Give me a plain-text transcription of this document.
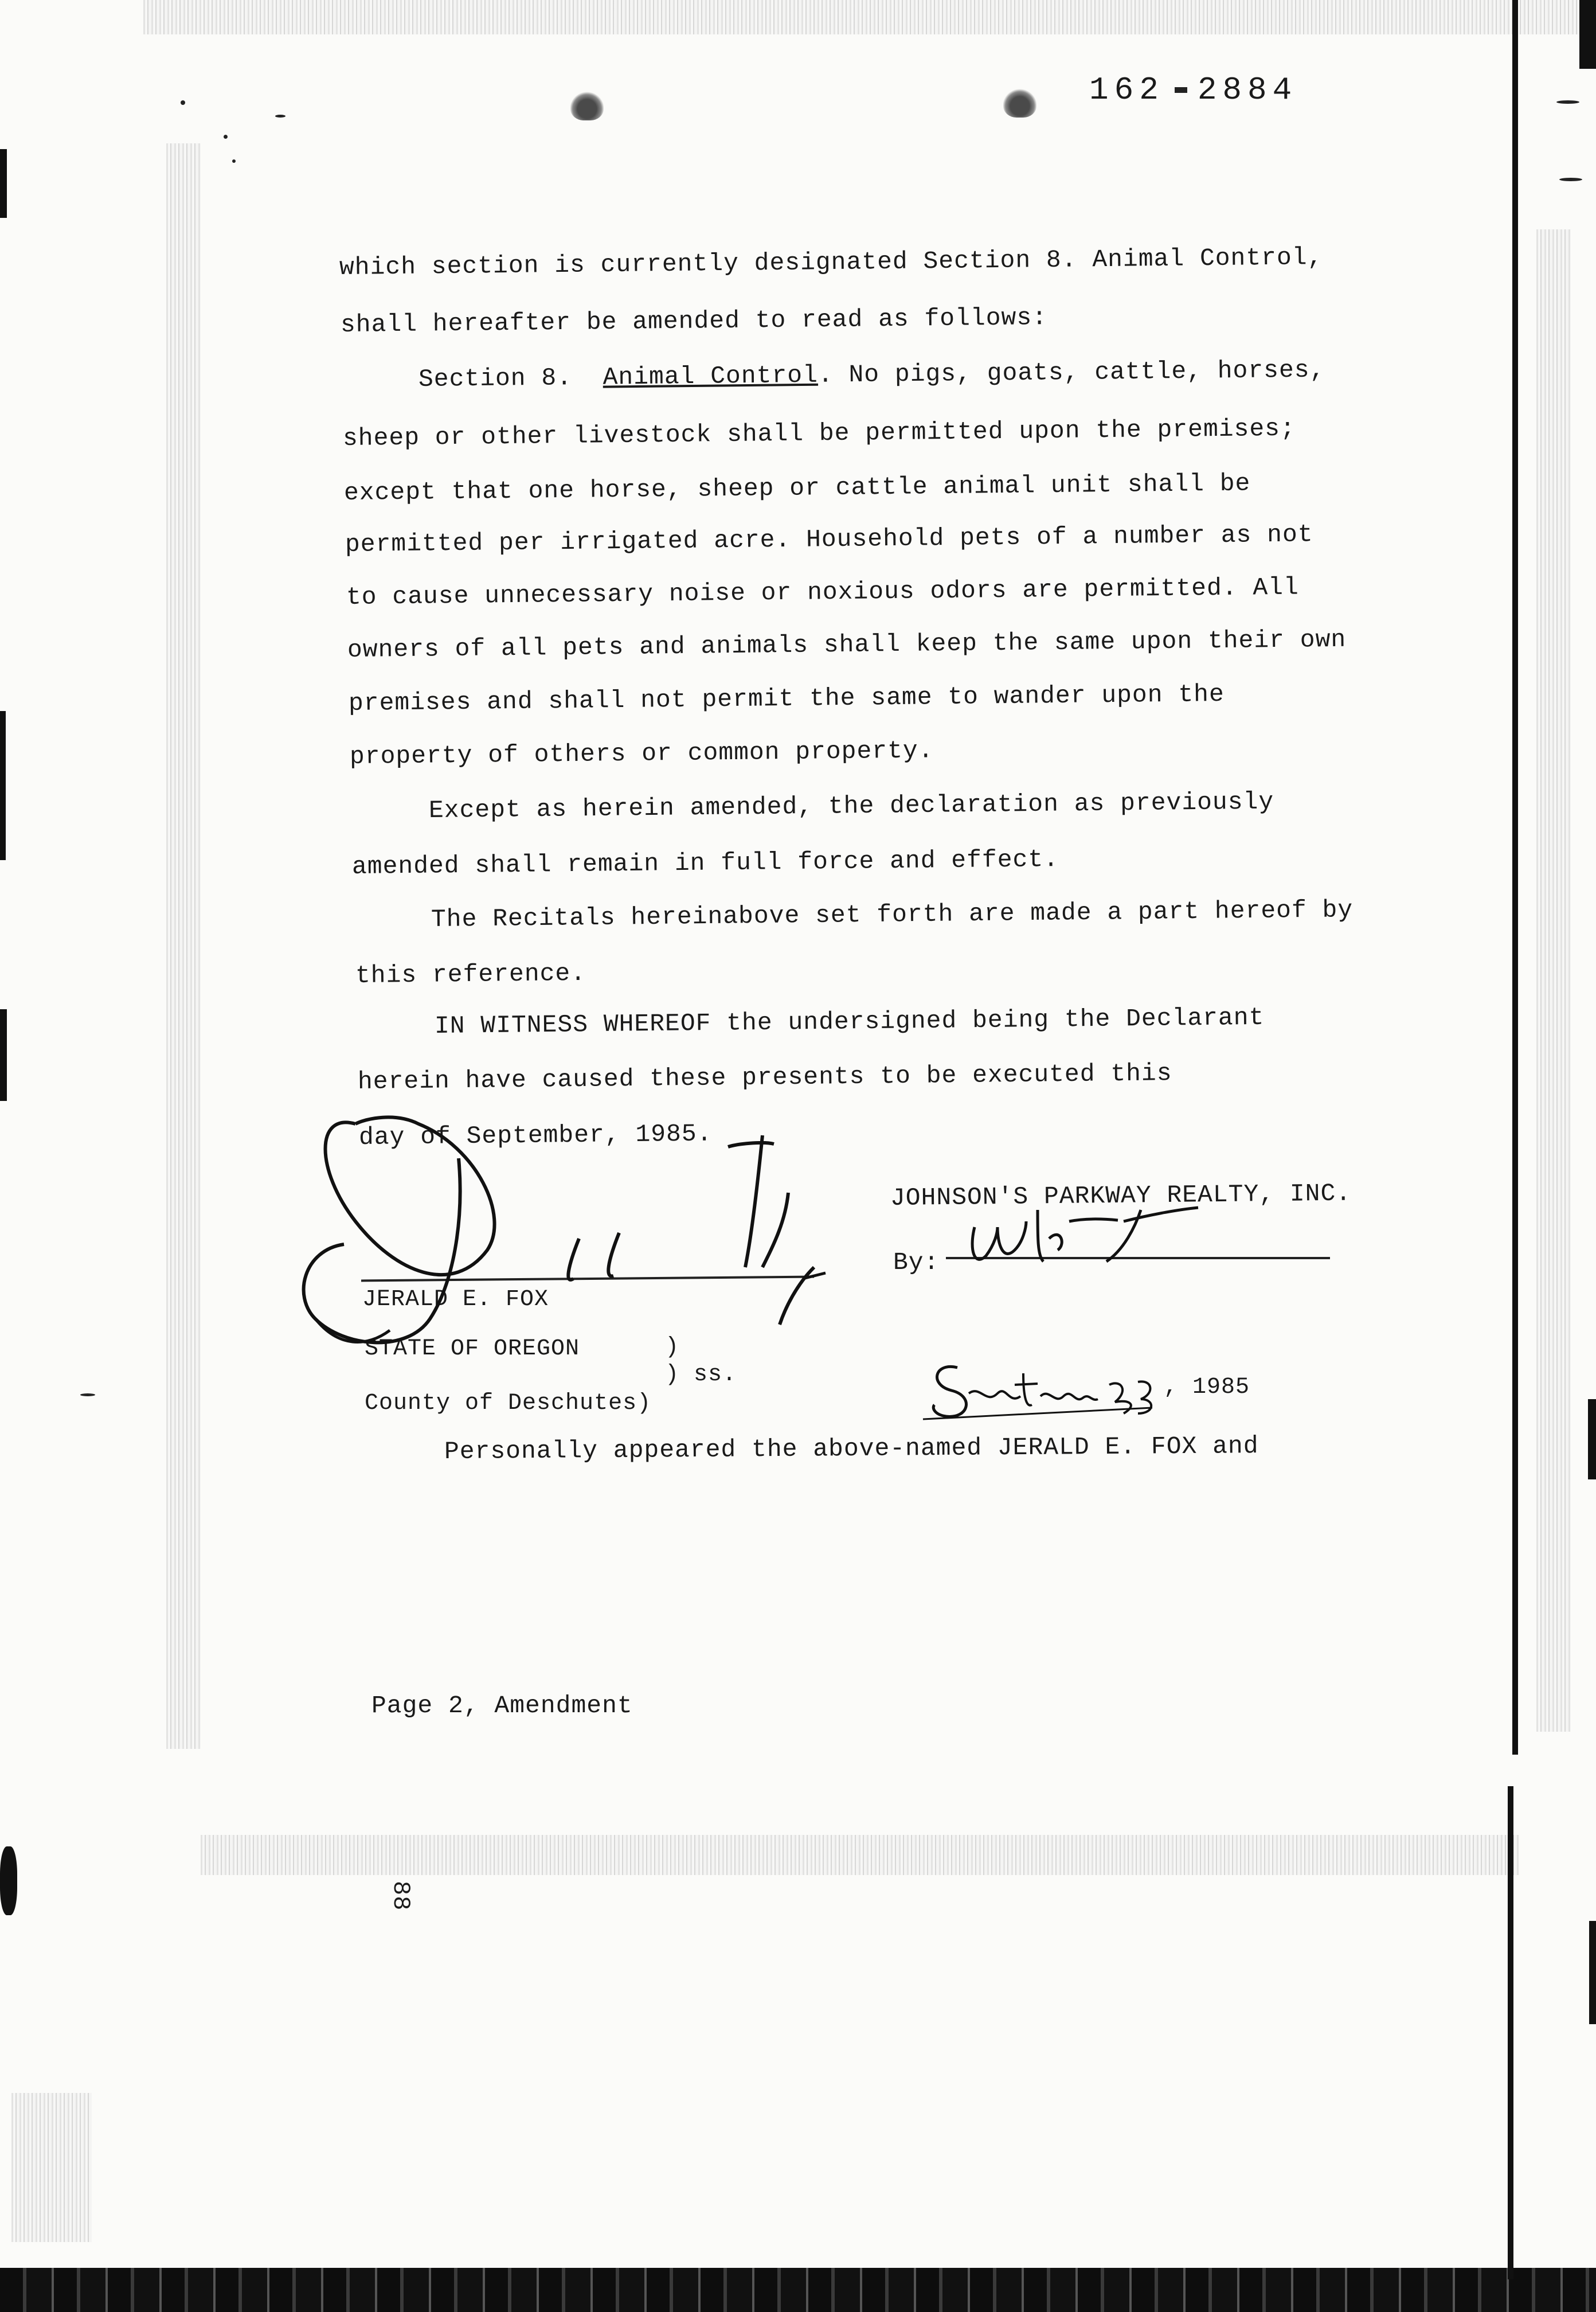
162 2884
which section is currently designated Section 8. Animal Control,
shall hereafter be amended to read as follows:
Section 8. Animal Control. No pigs, goats, cattle, horses,
sheep or other livestock shall be permitted upon the premises;
except that one horse, sheep or cattle animal unit shall be
permitted per irrigated acre. Household pets of a number as not
to cause unnecessary noise or noxious odors are permitted. All
owners of all pets and animals shall keep the same upon their own
premises and shall not permit the same to wander upon the
property of others or common property.
Except as herein amended, the declaration as previously
amended shall remain in full force and effect.
The Recitals hereinabove set forth are made a part hereof by
this reference.
IN WITNESS WHEREOF the undersigned being the Declarant
herein have caused these presents to be executed this
day of September, 1985.
JOHNSON'S PARKWAY REALTY, INC.
By:
JERALD E. FOX
STATE OF OREGON	)
) ss.
County of Deschutes)
, 1985
Personally appeared the above-named JERALD E. FOX and
Page 2, Amendment
88
